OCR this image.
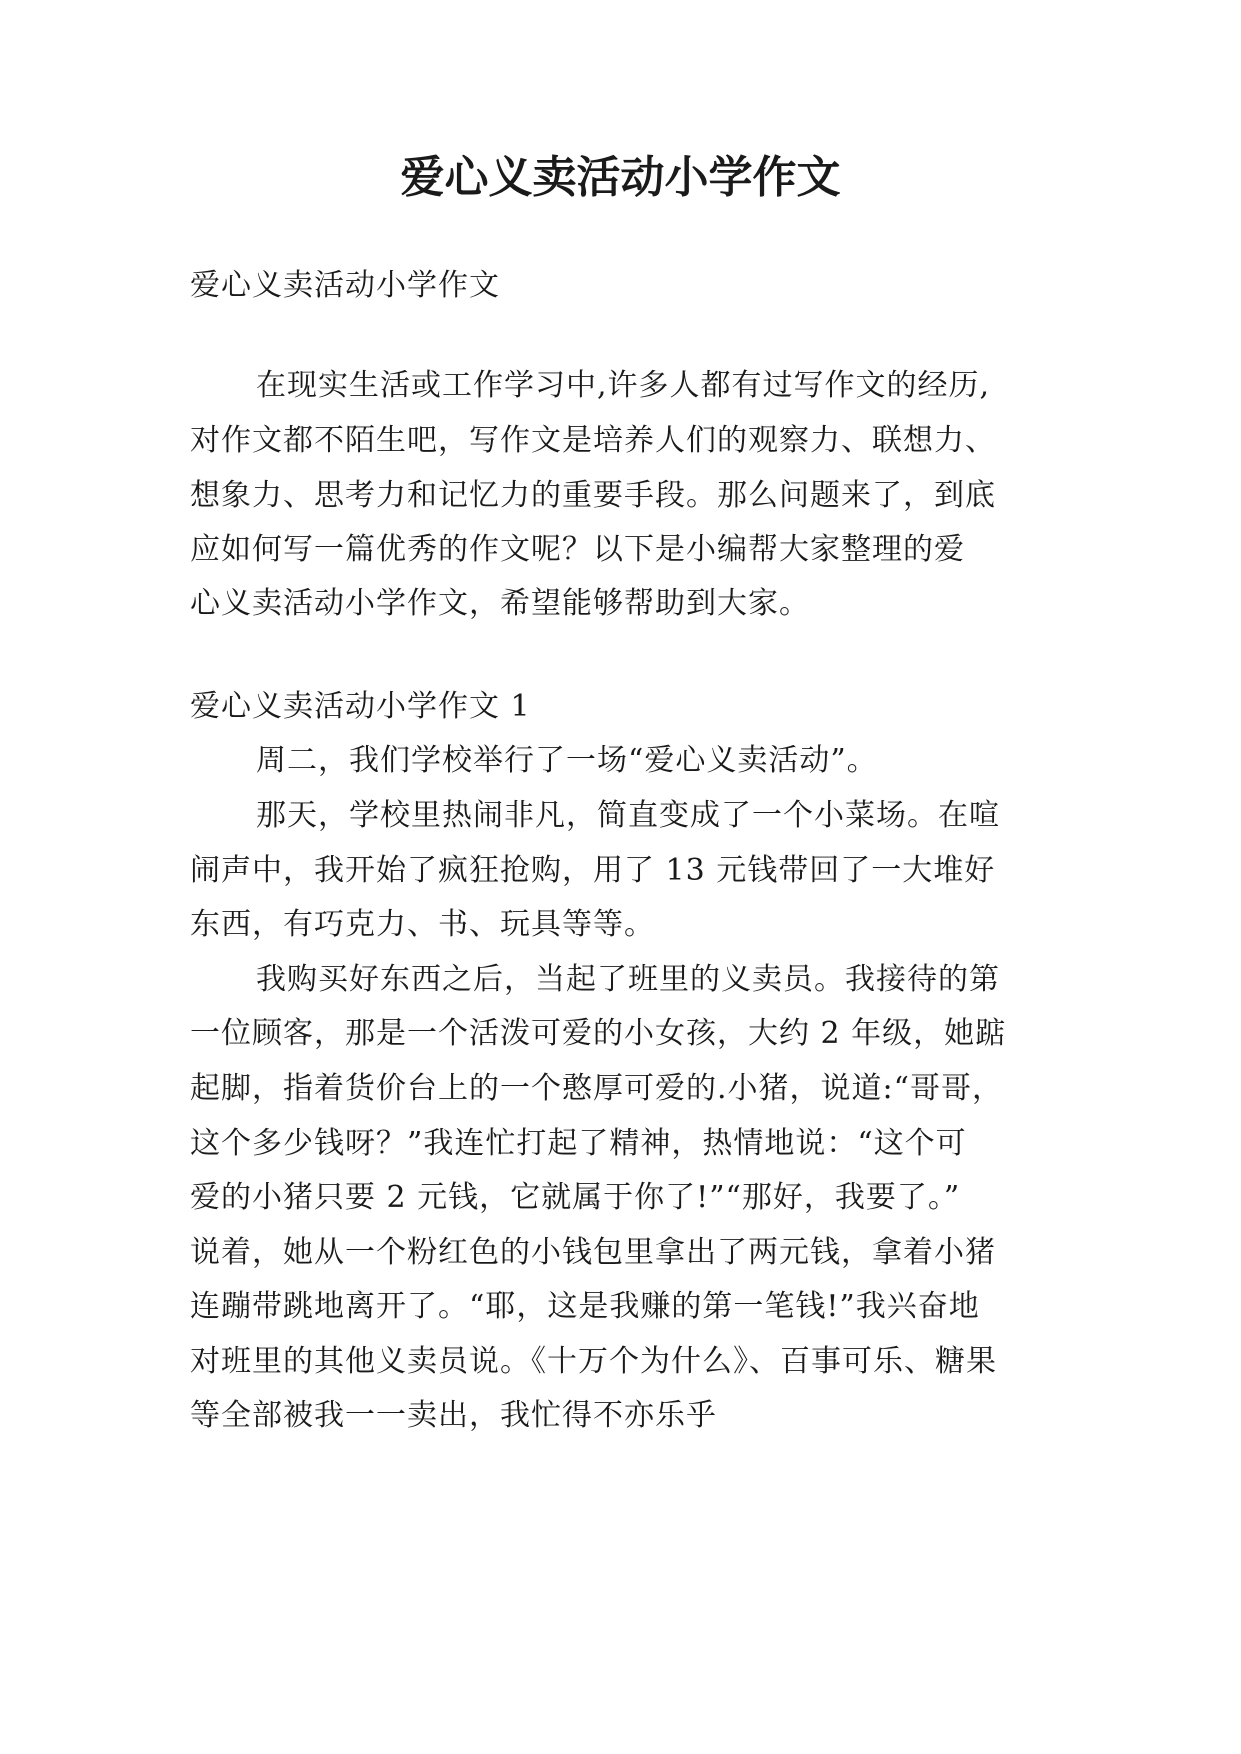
爱心义卖活动小学作文
爱心义卖活动小学作文
在现实生活或工作学习中,许多人都有过写作文的经历,
对作文都不陌生吧，写作文是培养人们的观察力、联想力、
想象力、思考力和记忆力的重要手段。那么问题来了，到底
应如何写一篇优秀的作文呢？以下是小编帮大家整理的爱
心义卖活动小学作文，希望能够帮助到大家。
爱心义卖活动小学作文 1
周二，我们学校举行了一场“爱心义卖活动”。
那天，学校里热闹非凡，简直变成了一个小菜场。在喧
闹声中，我开始了疯狂抢购，用了 13 元钱带回了一大堆好
东西，有巧克力、书、玩具等等。
我购买好东西之后，当起了班里的义卖员。我接待的第
一位顾客，那是一个活泼可爱的小女孩，大约 2 年级，她踮
起脚，指着货价台上的一个憨厚可爱的.小猪，说道:“哥哥，
这个多少钱呀？”我连忙打起了精神，热情地说：“这个可
爱的小猪只要 2 元钱，它就属于你了!”“那好，我要了。”
说着，她从一个粉红色的小钱包里拿出了两元钱，拿着小猪
连蹦带跳地离开了。“耶，这是我赚的第一笔钱!”我兴奋地
对班里的其他义卖员说。《十万个为什么》、百事可乐、糖果
等全部被我一一卖出，我忙得不亦乐乎
